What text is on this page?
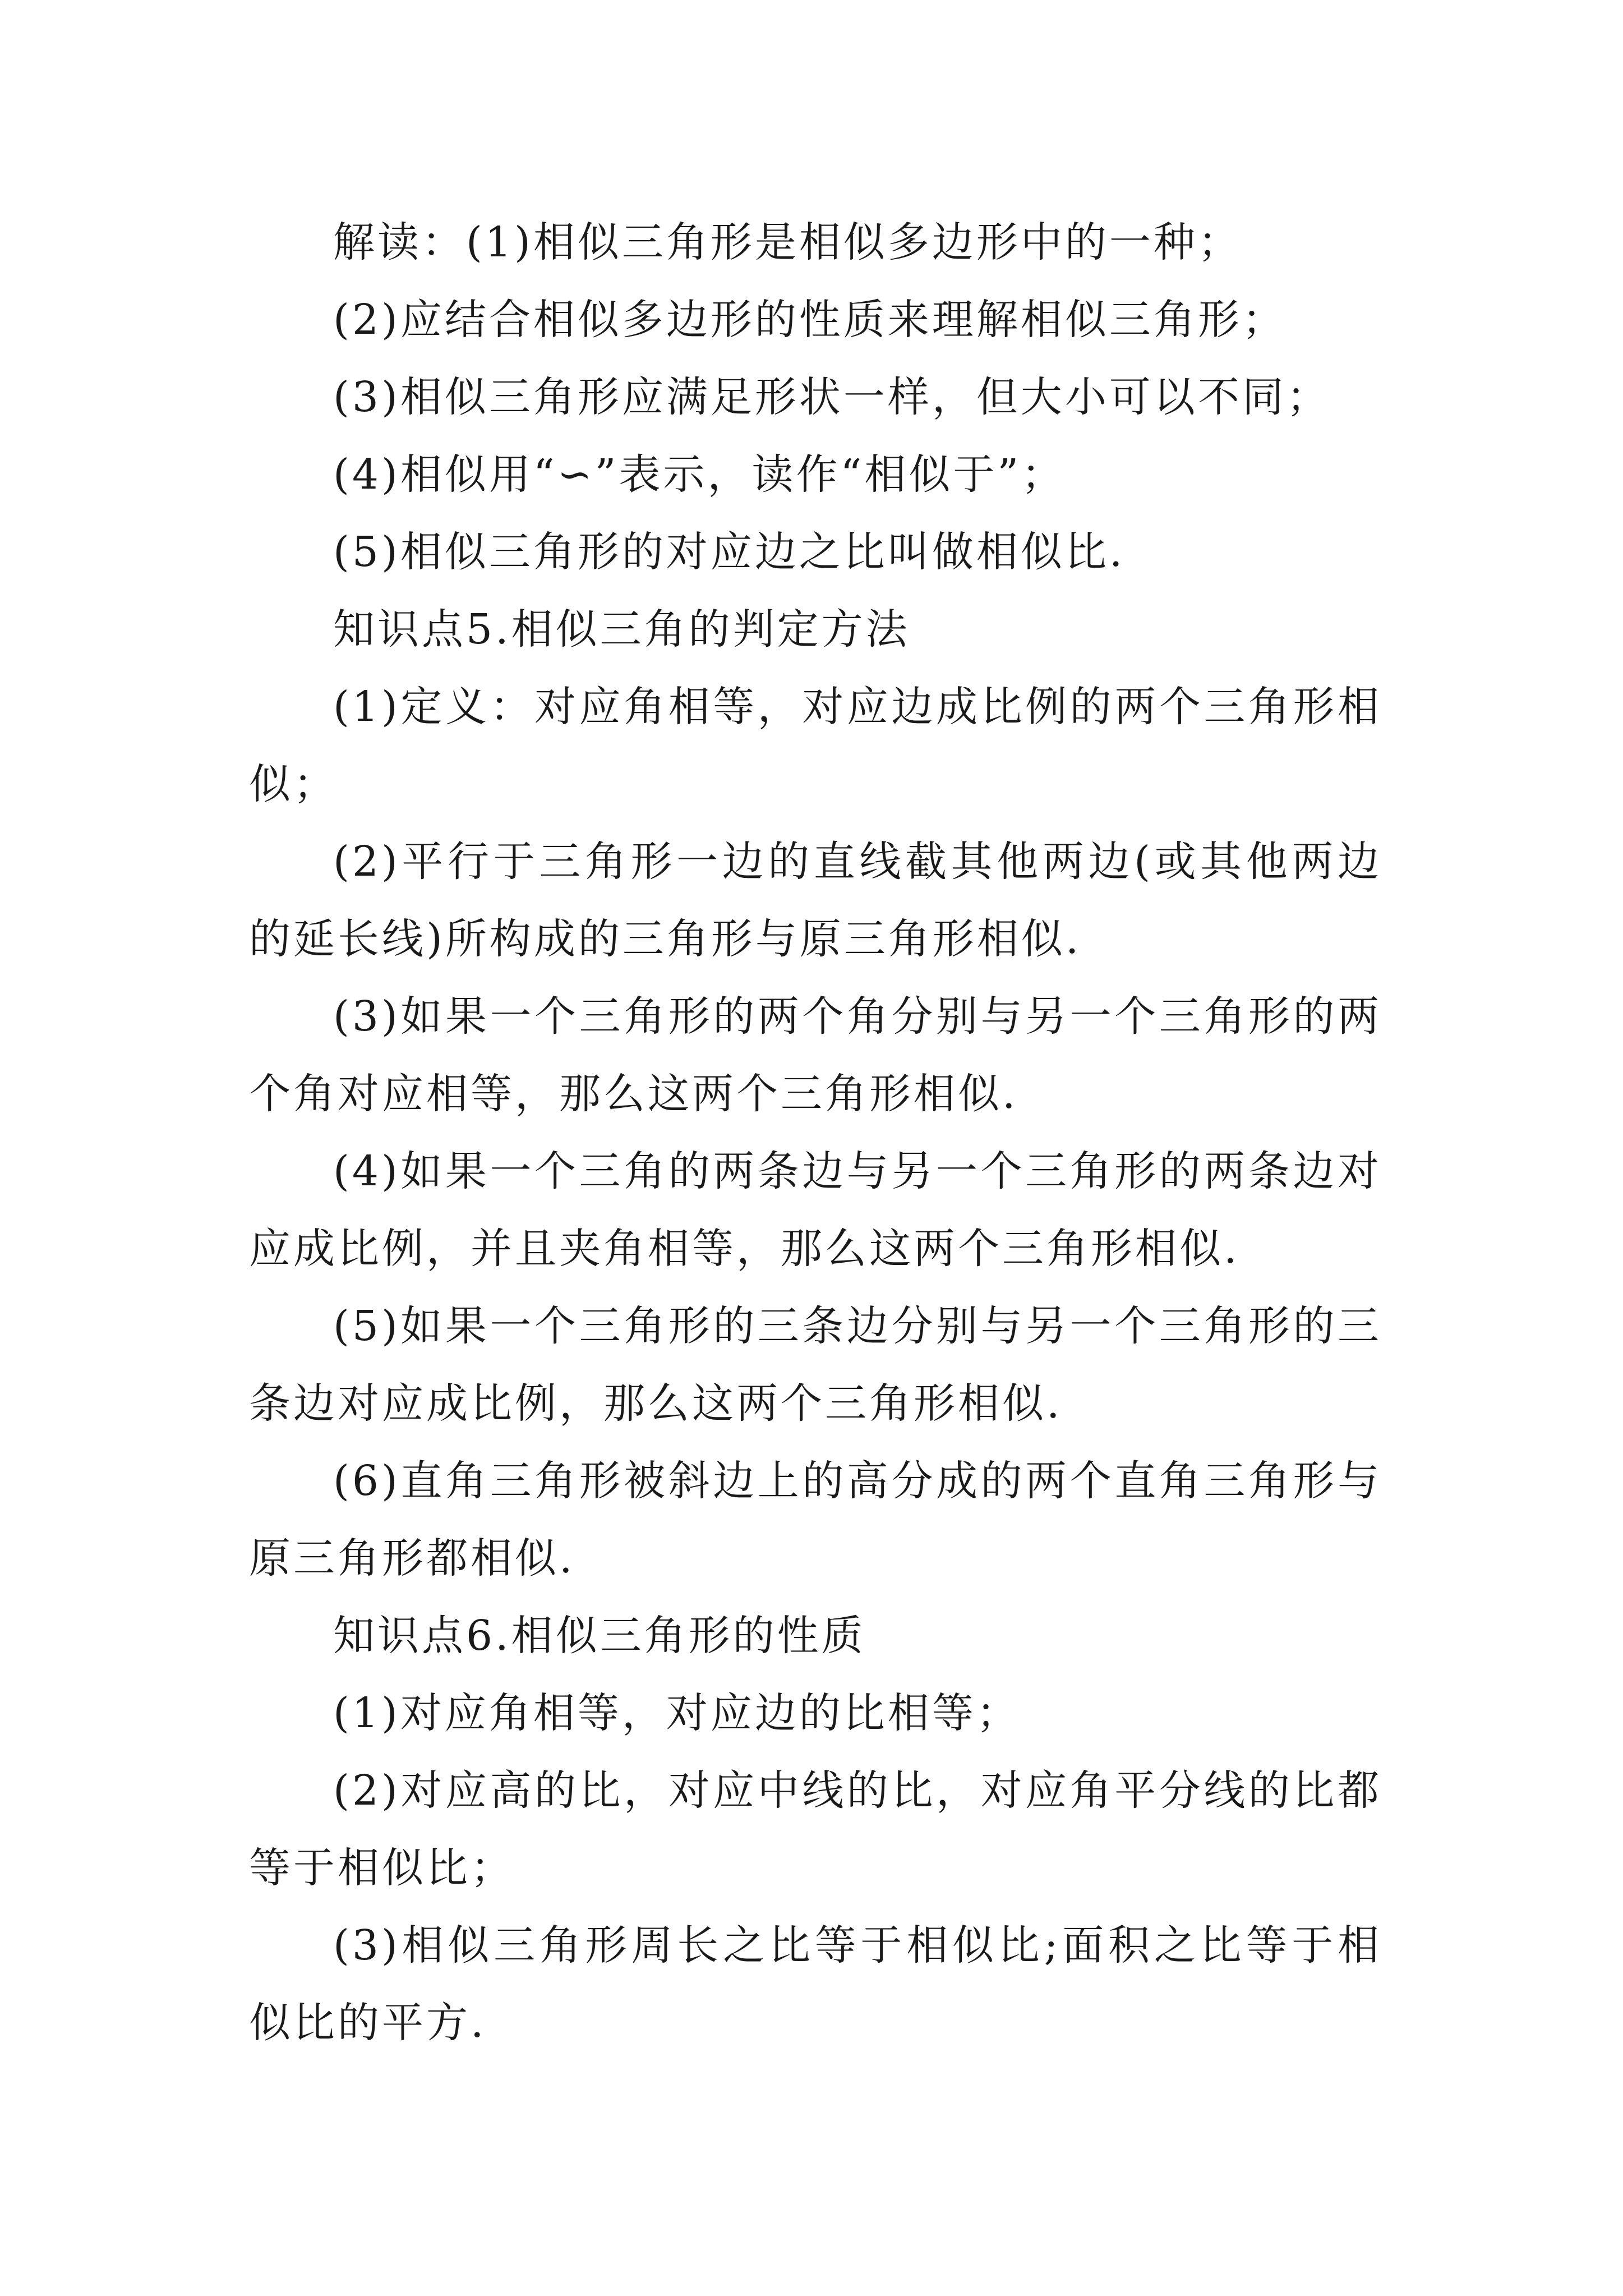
解读：(1)相似三角形是相似多边形中的一种；

(2)应结合相似多边形的性质来理解相似三角形；

(3)相似三角形应满足形状一样，但大小可以不同；

(4)相似用“∽”表示，读作“相似于”；

(5)相似三角形的对应边之比叫做相似比.

知识点5.相似三角的判定方法

(1)定义：对应角相等，对应边成比例的两个三角形相似；

(2)平行于三角形一边的直线截其他两边(或其他两边的延长线)所构成的三角形与原三角形相似.

(3)如果一个三角形的两个角分别与另一个三角形的两个角对应相等，那么这两个三角形相似.

(4)如果一个三角的两条边与另一个三角形的两条边对应成比例，并且夹角相等，那么这两个三角形相似.

(5)如果一个三角形的三条边分别与另一个三角形的三条边对应成比例，那么这两个三角形相似.

(6)直角三角形被斜边上的高分成的两个直角三角形与原三角形都相似.

知识点6.相似三角形的性质

(1)对应角相等，对应边的比相等；

(2)对应高的比，对应中线的比，对应角平分线的比都等于相似比；

(3)相似三角形周长之比等于相似比;面积之比等于相似比的平方.
